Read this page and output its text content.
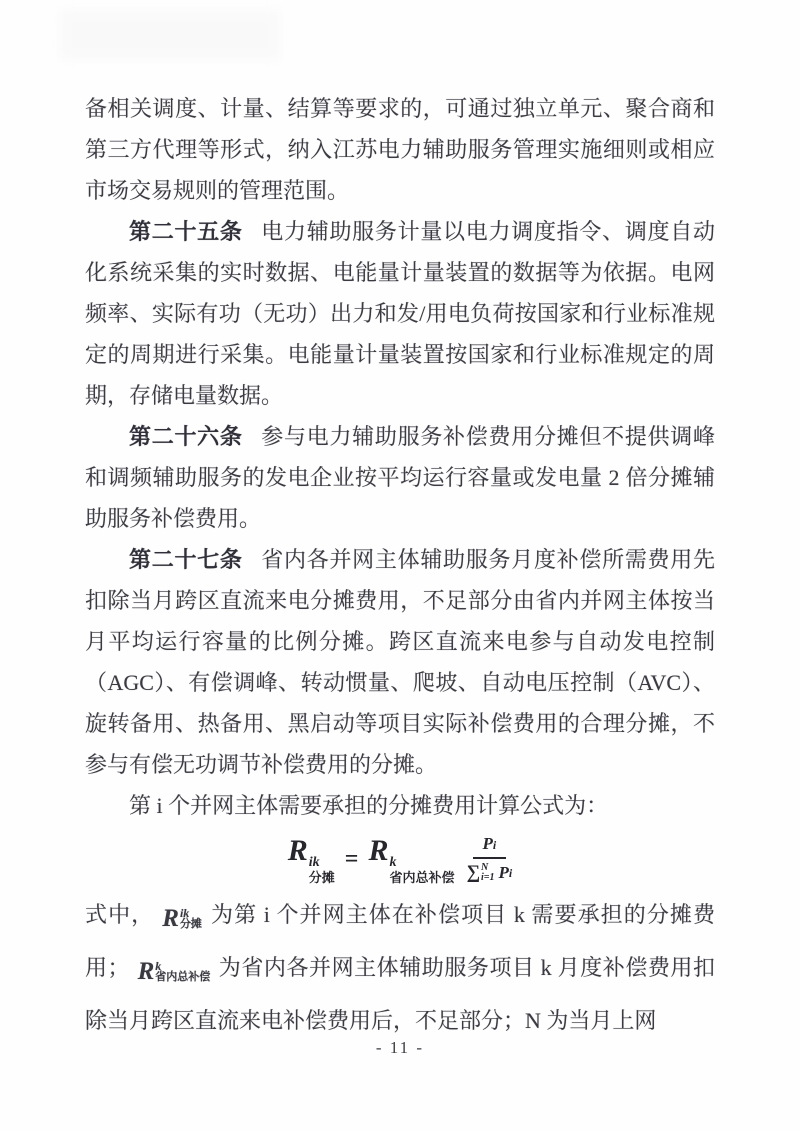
备相关调度、计量、结算等要求的，可通过独立单元、聚合商和第三方代理等形式，纳入江苏电力辅助服务管理实施细则或相应市场交易规则的管理范围。

第二十五条 电力辅助服务计量以电力调度指令、调度自动化系统采集的实时数据、电能量计量装置的数据等为依据。电网频率、实际有功（无功）出力和发/用电负荷按国家和行业标准规定的周期进行采集。电能量计量装置按国家和行业标准规定的周期，存储电量数据。

第二十六条 参与电力辅助服务补偿费用分摊但不提供调峰和调频辅助服务的发电企业按平均运行容量或发电量 2 倍分摊辅助服务补偿费用。

第二十七条 省内各并网主体辅助服务月度补偿所需费用先扣除当月跨区直流来电分摊费用，不足部分由省内并网主体按当月平均运行容量的比例分摊。跨区直流来电参与自动发电控制（AGC）、有偿调峰、转动惯量、爬坡、自动电压控制（AVC）、旋转备用、热备用、黑启动等项目实际补偿费用的合理分摊，不参与有偿无功调节补偿费用的分摊。

第 i 个并网主体需要承担的分摊费用计算公式为：

R ik
分摊
= R k
省内总补偿 Pi
∑ N
i=1 P i

式中， R ik
分摊 为第 i 个并网主体在补偿项目 k 需要承担的分摊费用； R k
省内总补偿 为省内各并网主体辅助服务项目 k 月度补偿费用扣除当月跨区直流来电补偿费用后，不足部分；N 为当月上网

- 11 -
